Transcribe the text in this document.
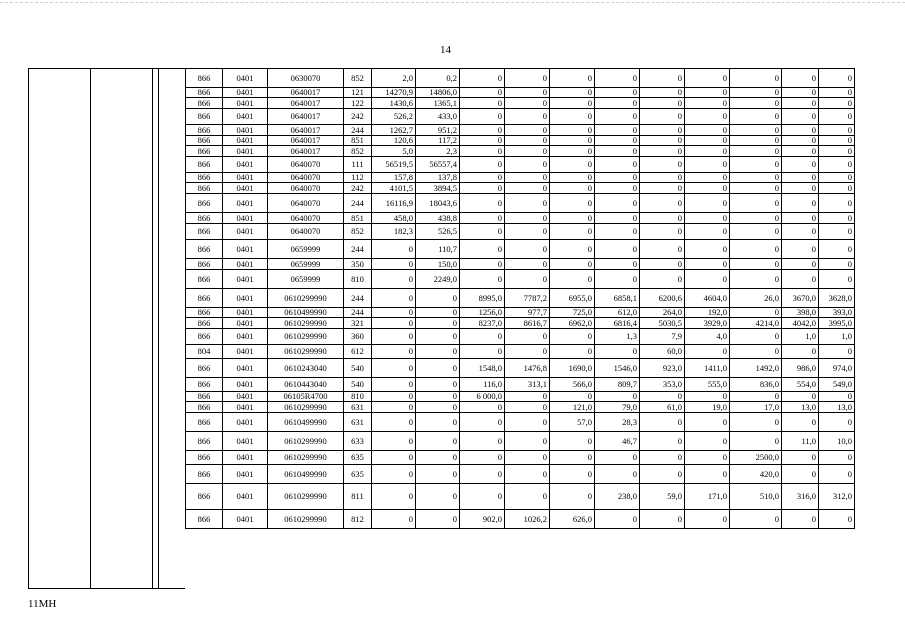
14
866	0401	0630070	852	2,0	0,2	0	0	0	0	0	0	0	0	0
866	0401	0640017	121	14270,9	14806,0	0	0	0	0	0	0	0	0	0
866	0401	0640017	122	1430,6	1365,1	0	0	0	0	0	0	0	0	0
866	0401	0640017	242	526,2	433,0	0	0	0	0	0	0	0	0	0
866	0401	0640017	244	1262,7	951,2	0	0	0	0	0	0	0	0	0
866	0401	0640017	851	120,6	117,2	0	0	0	0	0	0	0	0	0
866	0401	0640017	852	5,0	2,3	0	0	0	0	0	0	0	0	0
866	0401	0640070	111	56519,5	56557,4	0	0	0	0	0	0	0	0	0
866	0401	0640070	112	157,8	137,8	0	0	0	0	0	0	0	0	0
866	0401	0640070	242	4101,5	3894,5	0	0	0	0	0	0	0	0	0
866	0401	0640070	244	16116,9	18043,6	0	0	0	0	0	0	0	0	0
866	0401	0640070	851	458,0	438,8	0	0	0	0	0	0	0	0	0
866	0401	0640070	852	182,3	526,5	0	0	0	0	0	0	0	0	0
866	0401	0659999	244	0	110,7	0	0	0	0	0	0	0	0	0
866	0401	0659999	350	0	150,0	0	0	0	0	0	0	0	0	0
866	0401	0659999	810	0	2249,0	0	0	0	0	0	0	0	0	0
866	0401	0610299990	244	0	0	8995,0	7787,2	6955,0	6858,1	6200,6	4604,0	26,0	3670,0	3628,0
866	0401	0610499990	244	0	0	1256,0	977,7	725,0	612,0	264,0	192,0	0	398,0	393,0
866	0401	0610299990	321	0	0	8237,0	8616,7	6962,0	6816,4	5030,5	3929,0	4214,0	4042,0	3995,0
866	0401	0610299990	360	0	0	0	0	0	1,3	7,9	4,0	0	1,0	1,0
804	0401	0610299990	612	0	0	0	0	0	0	60,0	0	0	0	0
866	0401	0610243040	540	0	0	1548,0	1476,8	1690,0	1546,0	923,0	1411,0	1492,0	986,0	974,0
866	0401	0610443040	540	0	0	116,0	313,1	566,0	809,7	353,0	555,0	836,0	554,0	549,0
866	0401	06105R4700	810	0	0	6 000,0	0	0	0	0	0	0	0	0
866	0401	0610299990	631	0	0	0	0	121,0	79,0	61,0	19,0	17,0	13,0	13,0
866	0401	0610499990	631	0	0	0	0	57,0	28,3	0	0	0	0	0
866	0401	0610299990	633	0	0	0	0	0	46,7	0	0	0	11,0	10,0
866	0401	0610299990	635	0	0	0	0	0	0	0	0	2500,0	0	0
866	0401	0610499990	635	0	0	0	0	0	0	0	0	420,0	0	0
866	0401	0610299990	811	0	0	0	0	0	238,0	59,0	171,0	510,0	316,0	312,0
866	0401	0610299990	812	0	0	902,0	1026,2	626,0	0	0	0	0	0	0
11МН
